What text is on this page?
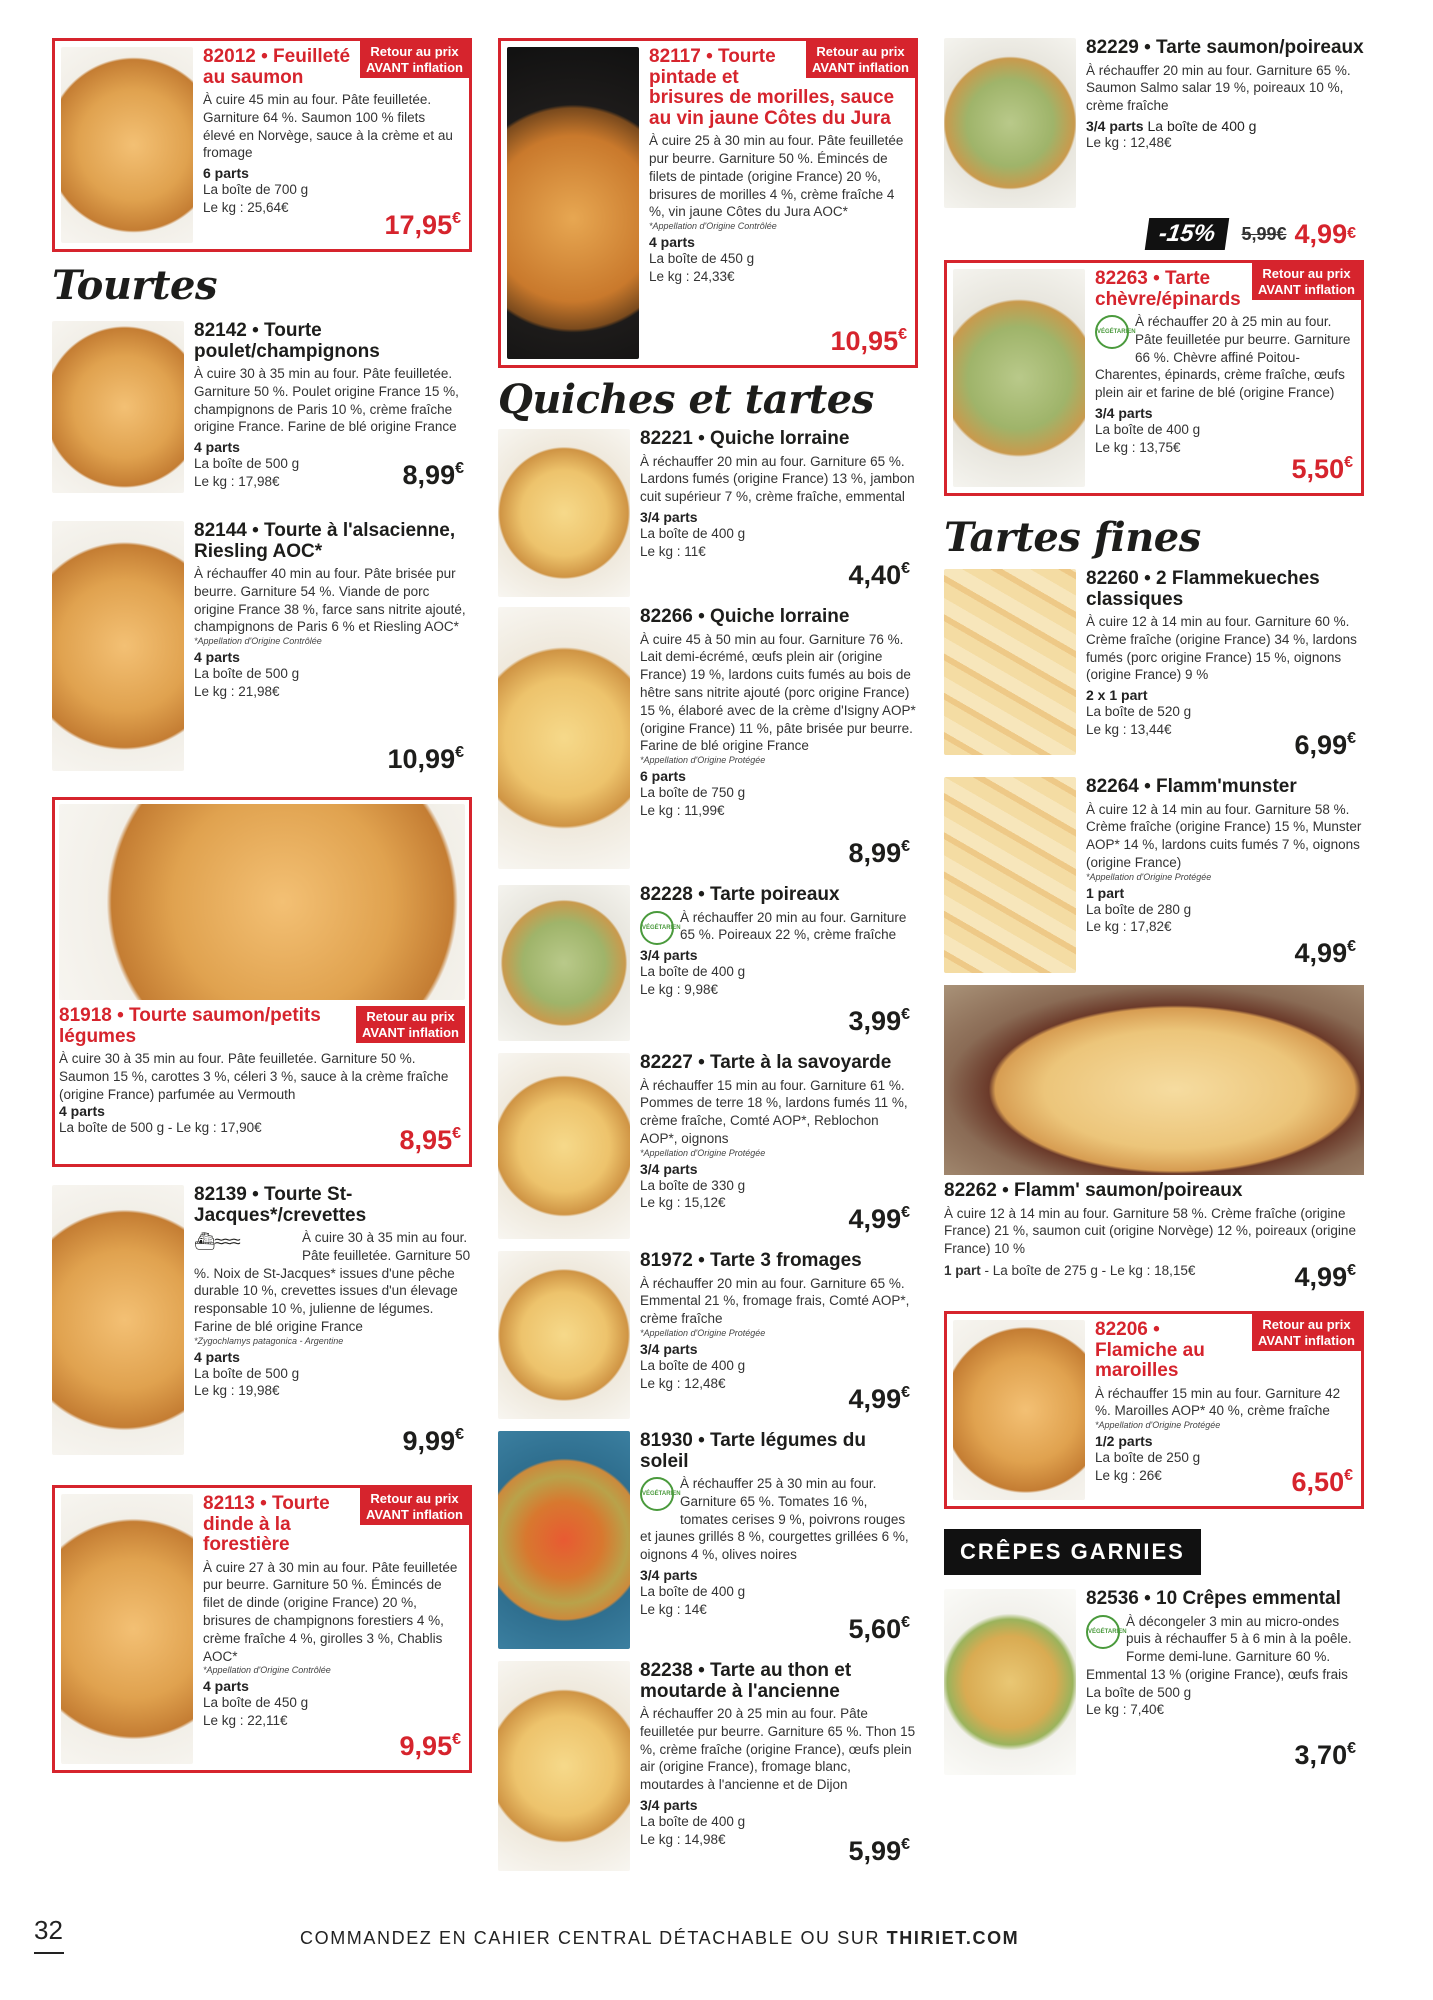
Retour au prix
AVANT inflation
82012 • Feuilleté au saumon
À cuire 45 min au four. Pâte feuilletée. Garniture 64 %. Saumon 100 % filets élevé en Norvège, sauce à la crème et au fromage
6 parts
La boîte de 700 g
Le kg : 25,64€
17,95€
Tourtes
82142 • Tourte poulet/champignons
À cuire 30 à 35 min au four. Pâte feuilletée. Garniture 50 %. Poulet origine France 15 %, champignons de Paris 10 %, crème fraîche origine France. Farine de blé origine France
4 parts
La boîte de 500 g
Le kg : 17,98€	8,99€
82144 • Tourte à l'alsacienne, Riesling AOC*
À réchauffer 40 min au four. Pâte brisée pur beurre. Garniture 54 %. Viande de porc origine France 38 %, farce sans nitrite ajouté, champignons de Paris 6 % et Riesling AOC*
*Appellation d'Origine Contrôlée
4 parts
La boîte de 500 g
Le kg : 21,98€
10,99€
Retour au prix
AVANT inflation
81918 • Tourte saumon/petits légumes
À cuire 30 à 35 min au four. Pâte feuilletée. Garniture 50 %. Saumon 15 %, carottes 3 %, céleri 3 %, sauce à la crème fraîche (origine France) parfumée au Vermouth
4 parts
La boîte de 500 g - Le kg : 17,90€	8,95€
82139 • Tourte St-Jacques*/crevettes
⛴≈≈≈	À cuire 30 à 35 min au four. Pâte feuilletée. Garniture 50 %. Noix de St-Jacques* issues d'une pêche durable 10 %, crevettes issues d'un élevage responsable 10 %, julienne de légumes. Farine de blé origine France
*Zygochlamys patagonica - Argentine
4 parts
La boîte de 500 g
Le kg : 19,98€
9,99€
Retour au prix
AVANT inflation
82113 • Tourte dinde à la forestière
À cuire 27 à 30 min au four. Pâte feuilletée pur beurre. Garniture 50 %. Émincés de filet de dinde (origine France) 20 %, brisures de champignons forestiers 4 %, crème fraîche 4 %, girolles 3 %, Chablis AOC*
*Appellation d'Origine Contrôlée
4 parts
La boîte de 450 g
Le kg : 22,11€
9,95€
Retour au prix
AVANT inflation
82117 • Tourte pintade et brisures de morilles, sauce au vin jaune Côtes du Jura
À cuire 25 à 30 min au four. Pâte feuilletée pur beurre. Garniture 50 %. Émincés de filets de pintade (origine France) 20 %, brisures de morilles 4 %, crème fraîche 4 %, vin jaune Côtes du Jura AOC*
*Appellation d'Origine Contrôlée
4 parts
La boîte de 450 g
Le kg : 24,33€
10,95€
Quiches et tartes
82221 • Quiche lorraine
À réchauffer 20 min au four. Garniture 65 %. Lardons fumés (origine France) 13 %, jambon cuit supérieur 7 %, crème fraîche, emmental
3/4 parts
La boîte de 400 g
Le kg : 11€
4,40€
82266 • Quiche lorraine
À cuire 45 à 50 min au four. Garniture 76 %. Lait demi-écrémé, œufs plein air (origine France) 19 %, lardons cuits fumés au bois de hêtre sans nitrite ajouté (porc origine France) 15 %, élaboré avec de la crème d'Isigny AOP* (origine France) 11 %, pâte brisée pur beurre. Farine de blé origine France
*Appellation d'Origine Protégée
6 parts
La boîte de 750 g
Le kg : 11,99€
8,99€
82228 • Tarte poireaux
VÉGÉTARIEN
À réchauffer 20 min au four. Garniture 65 %. Poireaux 22 %, crème fraîche
3/4 parts
La boîte de 400 g
Le kg : 9,98€
3,99€
82227 • Tarte à la savoyarde
À réchauffer 15 min au four. Garniture 61 %. Pommes de terre 18 %, lardons fumés 11 %, crème fraîche, Comté AOP*, Reblochon AOP*, oignons
*Appellation d'Origine Protégée
3/4 parts
La boîte de 330 g
Le kg : 15,12€
4,99€
81972 • Tarte 3 fromages
À réchauffer 20 min au four. Garniture 65 %. Emmental 21 %, fromage frais, Comté AOP*, crème fraîche
*Appellation d'Origine Protégée
3/4 parts
La boîte de 400 g
Le kg : 12,48€
4,99€
81930 • Tarte légumes du soleil
VÉGÉTARIEN
À réchauffer 25 à 30 min au four. Garniture 65 %. Tomates 16 %, tomates cerises 9 %, poivrons rouges et jaunes grillés 8 %, courgettes grillées 6 %, oignons 4 %, olives noires
3/4 parts
La boîte de 400 g
Le kg : 14€
5,60€
82238 • Tarte au thon et moutarde à l'ancienne
À réchauffer 20 à 25 min au four. Pâte feuilletée pur beurre. Garniture 65 %. Thon 15 %, crème fraîche (origine France), œufs plein air (origine France), fromage blanc, moutardes à l'ancienne et de Dijon
3/4 parts
La boîte de 400 g
Le kg : 14,98€	5,99€
82229 • Tarte saumon/poireaux
À réchauffer 20 min au four. Garniture 65 %. Saumon Salmo salar 19 %, poireaux 10 %, crème fraîche
3/4 parts La boîte de 400 g
Le kg : 12,48€
-15%	5,99€ 4,99 €
Retour au prix
AVANT inflation
82263 • Tarte chèvre/épinards
VÉGÉTARIEN
À réchauffer 20 à 25 min au four. Pâte feuilletée pur beurre. Garniture 66 %. Chèvre affiné Poitou-Charentes, épinards, crème fraîche, œufs plein air et farine de blé (origine France)
3/4 parts
La boîte de 400 g
Le kg : 13,75€
5,50€
Tartes fines
82260 • 2 Flammekueches classiques
À cuire 12 à 14 min au four. Garniture 60 %. Crème fraîche (origine France) 34 %, lardons fumés (porc origine France) 15 %, oignons (origine France) 9 %
2 x 1 part
La boîte de 520 g
Le kg : 13,44€
6,99€
82264 • Flamm'munster
À cuire 12 à 14 min au four. Garniture 58 %. Crème fraîche (origine France) 15 %, Munster AOP* 14 %, lardons cuits fumés 7 %, oignons (origine France)
*Appellation d'Origine Protégée
1 part
La boîte de 280 g
Le kg : 17,82€
4,99€
82262 • Flamm' saumon/poireaux
À cuire 12 à 14 min au four. Garniture 58 %. Crème fraîche (origine France) 21 %, saumon cuit (origine Norvège) 12 %, poireaux (origine France) 10 %
1 part - La boîte de 275 g - Le kg : 18,15€	4,99€
Retour au prix
AVANT inflation
82206 • Flamiche au maroilles
À réchauffer 15 min au four. Garniture 42 %. Maroilles AOP* 40 %, crème fraîche
*Appellation d'Origine Protégée
1/2 parts
La boîte de 250 g
Le kg : 26€	6,50€
CRÊPES GARNIES
82536 • 10 Crêpes emmental
VÉGÉTARIEN
À décongeler 3 min au micro-ondes puis à réchauffer 5 à 6 min à la poêle. Forme demi-lune. Garniture 60 %. Emmental 13 % (origine France), œufs frais
La boîte de 500 g
Le kg : 7,40€
3,70€
32	COMMANDEZ EN CAHIER CENTRAL DÉTACHABLE OU SUR THIRIET.COM
